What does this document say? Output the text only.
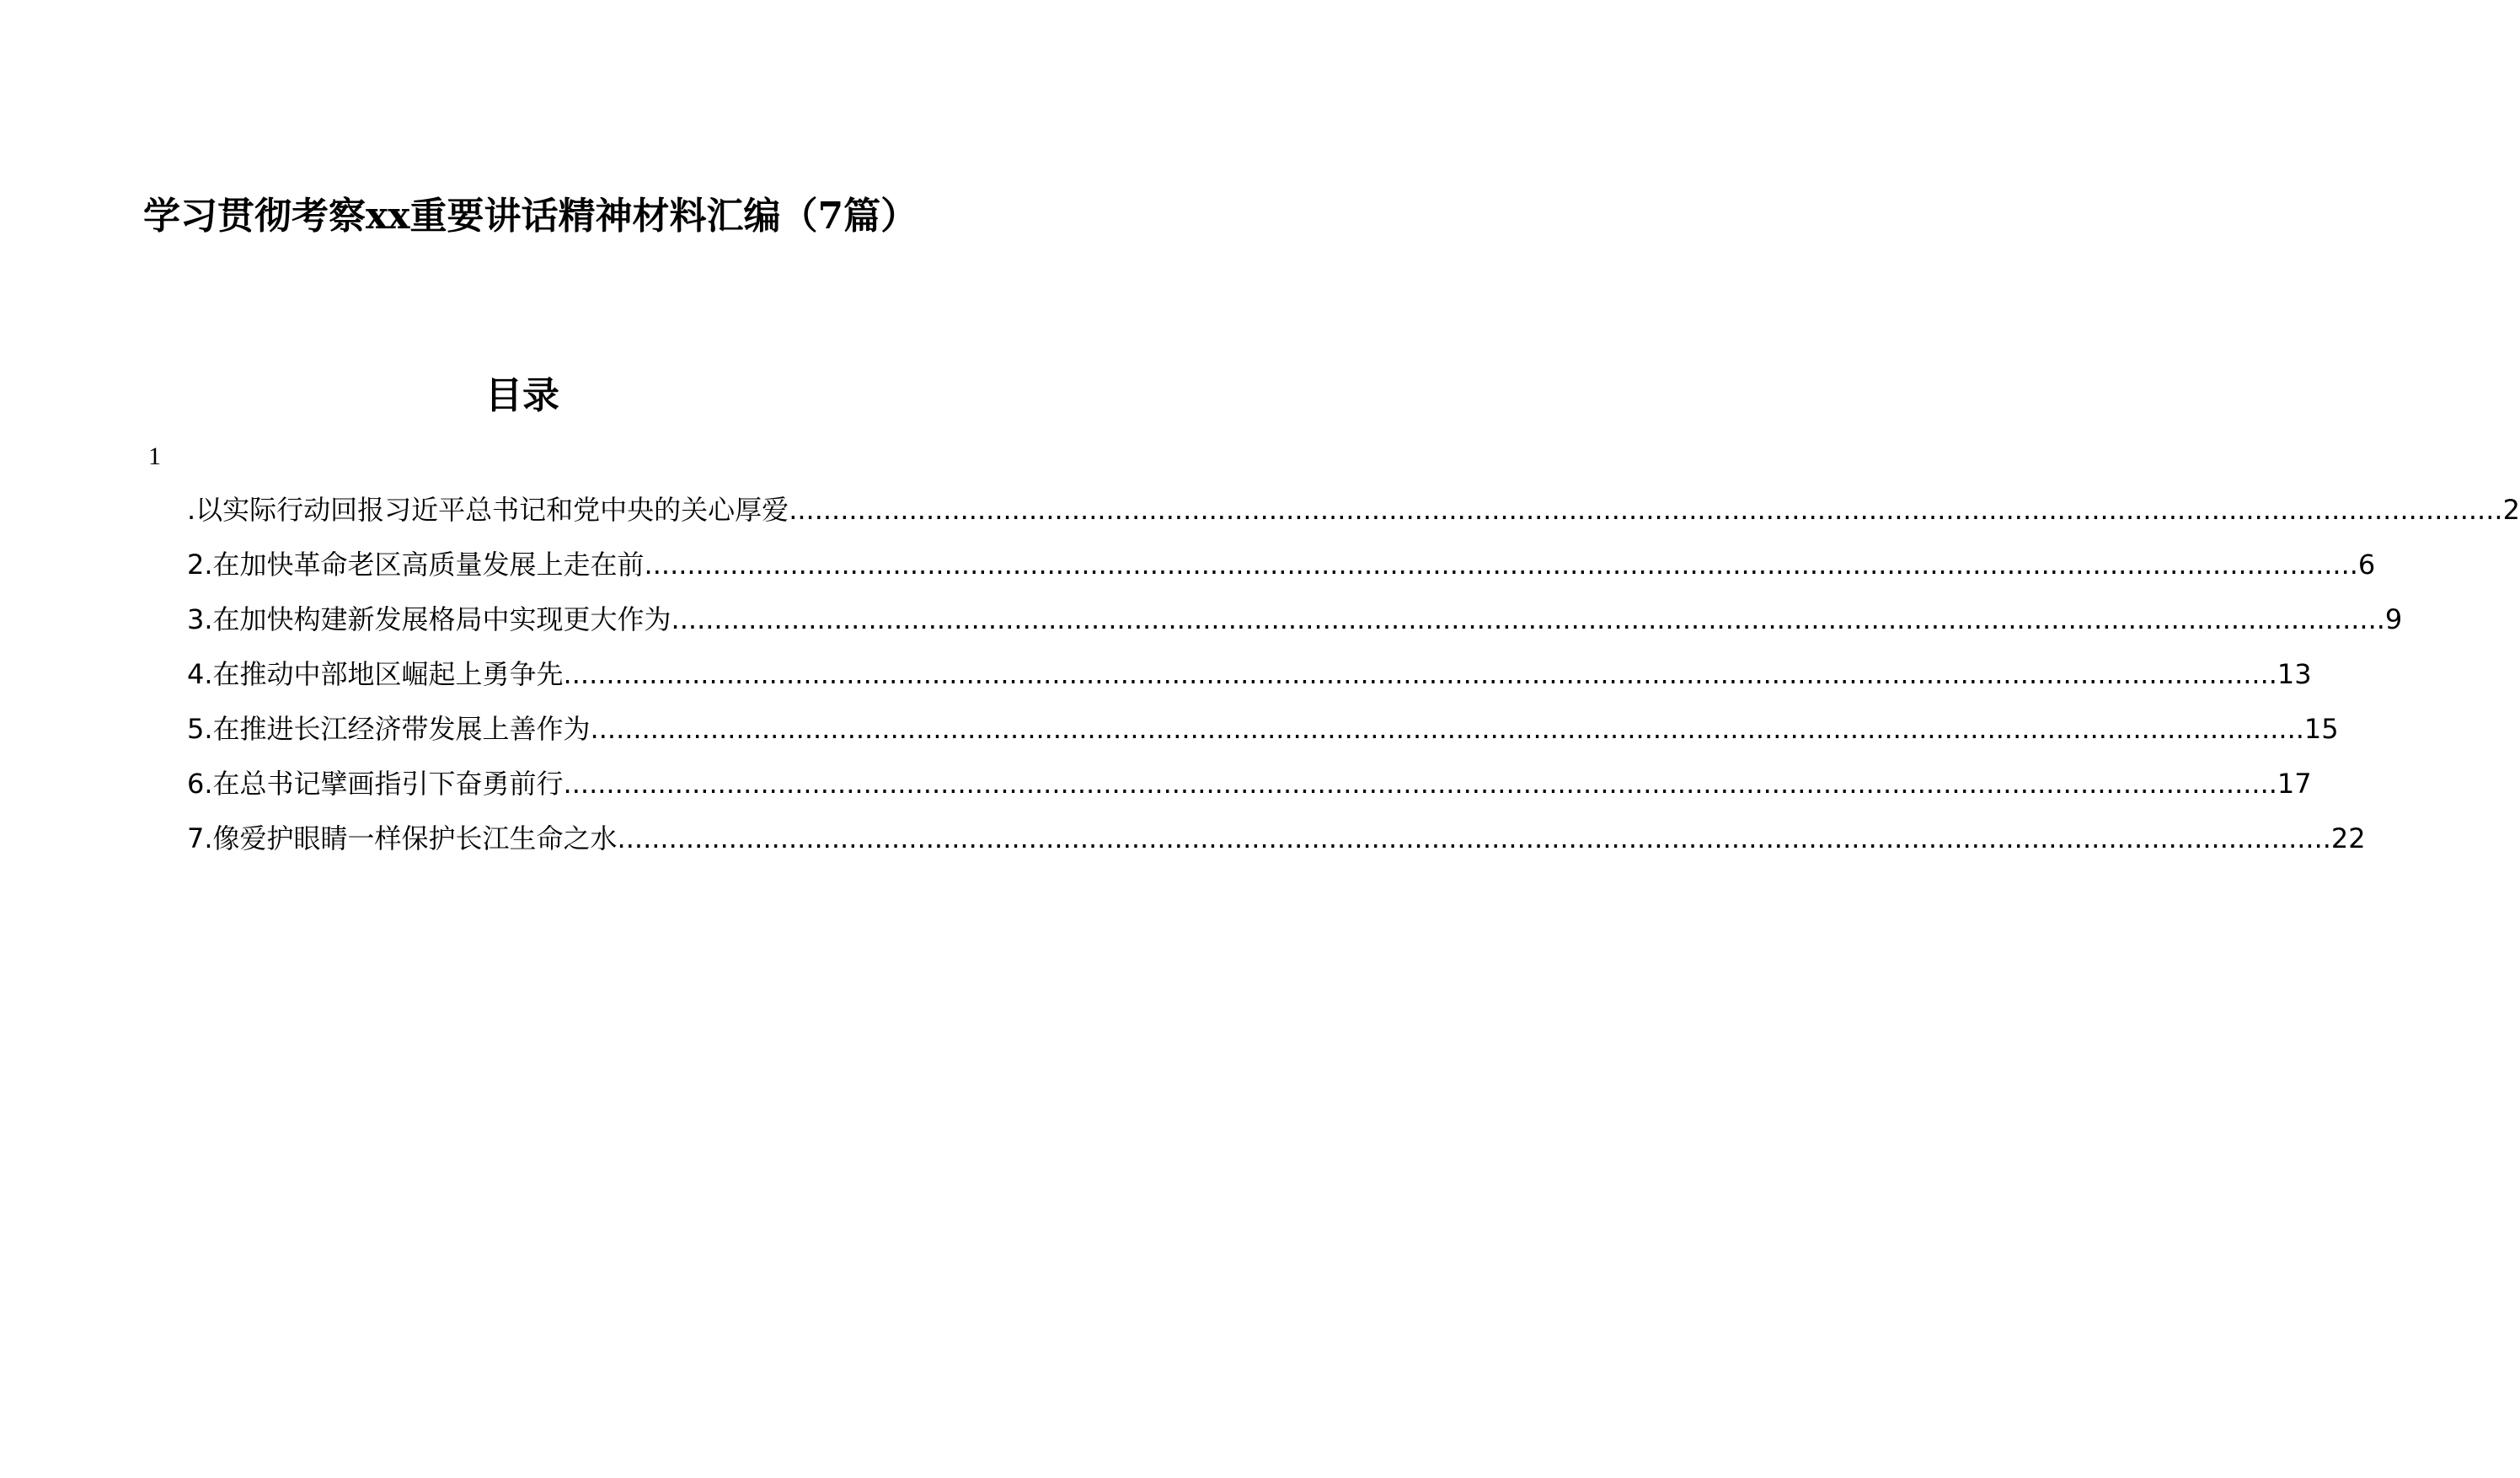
学习贯彻考察xx重要讲话精神材料汇编（7篇）
目录
1
.以实际行动回报习近平总书记和党中央的关心厚爱 ........................................................................................................................................................................................................ 2
2.在加快革命老区高质量发展上走在前 ........................................................................................................................................................................................................ 6
3.在加快构建新发展格局中实现更大作为 ........................................................................................................................................................................................................ 9
4.在推动中部地区崛起上勇争先 ........................................................................................................................................................................................................ 13
5.在推进长江经济带发展上善作为 ........................................................................................................................................................................................................ 15
6.在总书记擘画指引下奋勇前行 ........................................................................................................................................................................................................ 17
7.像爱护眼睛一样保护长江生命之水 ........................................................................................................................................................................................................ 22
